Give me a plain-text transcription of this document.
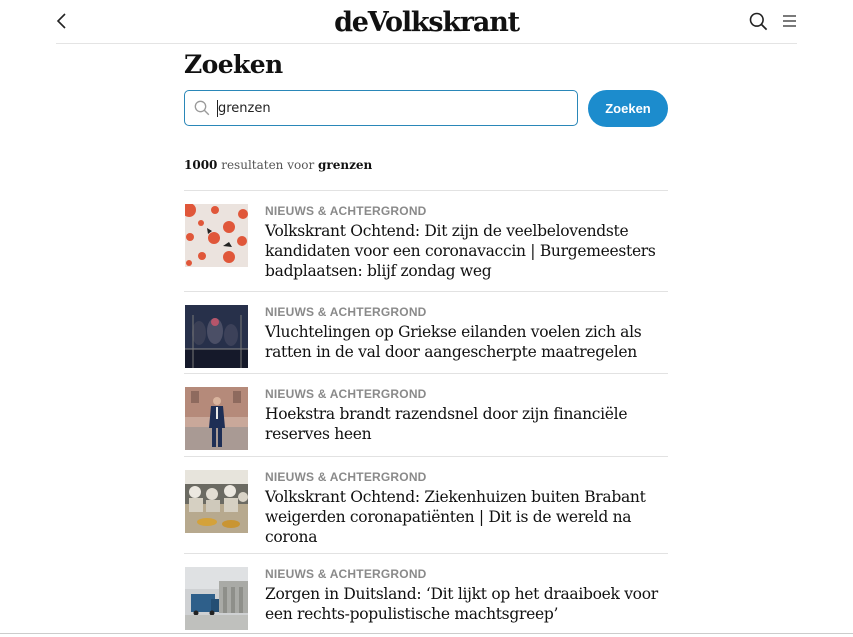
deVolkskrant
Zoeken
grenzen
Zoeken
1000 resultaten voor grenzen
NIEUWS & ACHTERGROND
Volkskrant Ochtend: Dit zijn de veelbelovendste kandidaten voor een coronavaccin | Burgemeesters badplaatsen: blijf zondag weg
NIEUWS & ACHTERGROND
Vluchtelingen op Griekse eilanden voelen zich als ratten in de val door aangescherpte maatregelen
NIEUWS & ACHTERGROND
Hoekstra brandt razendsnel door zijn financiële reserves heen
NIEUWS & ACHTERGROND
Volkskrant Ochtend: Ziekenhuizen buiten Brabant weigerden coronapatiënten | Dit is de wereld na corona
NIEUWS & ACHTERGROND
Zorgen in Duitsland: ‘Dit lijkt op het draaiboek voor een rechts-populistische machtsgreep’
